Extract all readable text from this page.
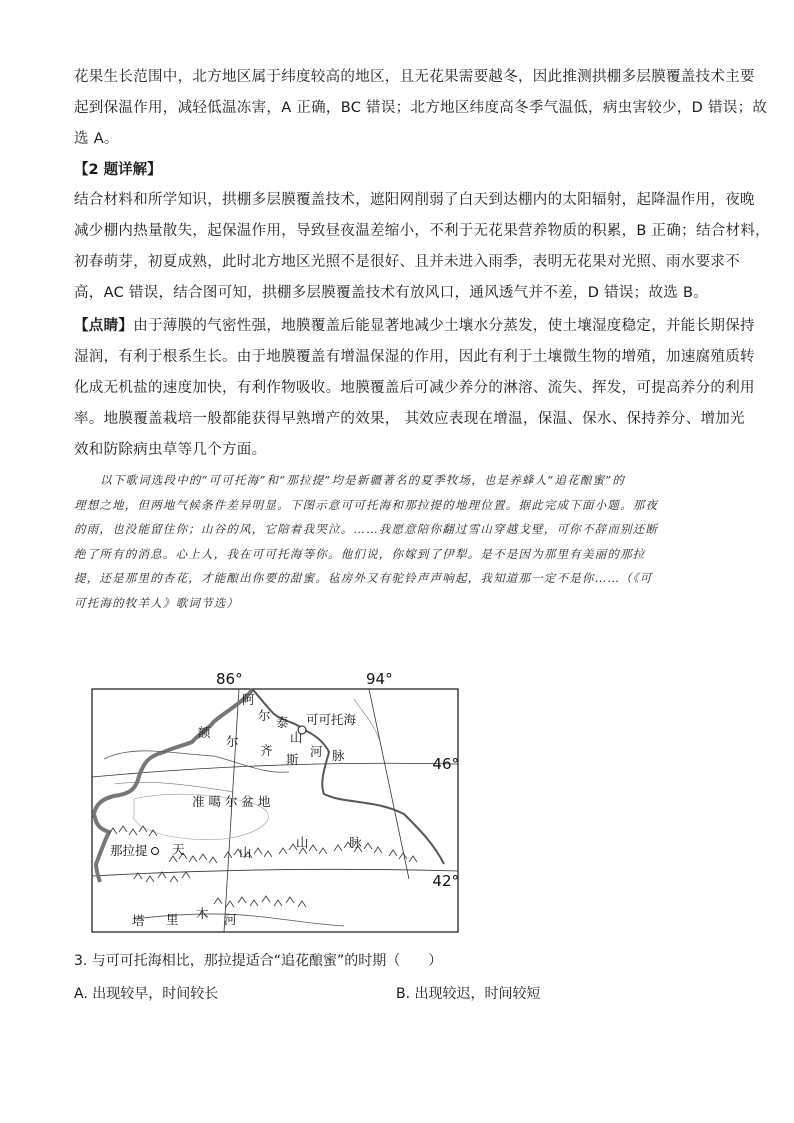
花果生长范围中，北方地区属于纬度较高的地区，且无花果需要越冬，因此推测拱棚多层膜覆盖技术主要
起到保温作用，减轻低温冻害，A 正确，BC 错误；北方地区纬度高冬季气温低，病虫害较少，D 错误；故
选 A。
【2 题详解】
结合材料和所学知识，拱棚多层膜覆盖技术，遮阳网削弱了白天到达棚内的太阳辐射，起降温作用，夜晚
减少棚内热量散失，起保温作用，导致昼夜温差缩小，不利于无花果营养物质的积累，B 正确；结合材料，
初春萌芽，初夏成熟，此时北方地区光照不是很好、且并未进入雨季，表明无花果对光照、雨水要求不
高，AC 错误，结合图可知，拱棚多层膜覆盖技术有放风口，通风透气并不差，D 错误；故选 B。
【点睛】由于薄膜的气密性强，地膜覆盖后能显著地减少土壤水分蒸发，使土壤湿度稳定，并能长期保持
湿润，有利于根系生长。由于地膜覆盖有增温保湿的作用，因此有利于土壤微生物的增殖，加速腐殖质转
化成无机盐的速度加快，有利作物吸收。地膜覆盖后可减少养分的淋溶、流失、挥发，可提高养分的利用
率。地膜覆盖栽培一般都能获得早熟增产的效果， 其效应表现在增温，保温、保水、保持养分、增加光
效和防除病虫草等几个方面。
以下歌词选段中的“可可托海”和“那拉提”均是新疆著名的夏季牧场，也是养蜂人“追花酿蜜”的
理想之地，但两地气候条件差异明显。下图示意可可托海和那拉提的地理位置。据此完成下面小题。那夜
的雨，也没能留住你；山谷的风，它陪着我哭泣。……我愿意陪你翻过雪山穿越戈壁，可你不辞而别还断
绝了所有的消息。心上人，我在可可托海等你。他们说，你嫁到了伊犁。是不是因为那里有美丽的那拉
提，还是那里的杏花，才能酿出你要的甜蜜。毡房外又有驼铃声声响起，我知道那一定不是你……（《可
可托海的牧羊人》歌词节选）
86°	94°
可可托海
那拉提
阿
尔 泰
山
脉
额
尔
齐
斯
河
准 噶 尔 盆 地
天	山
山	脉
塔 里 木 河
46°
42°
3. 与可可托海相比，那拉提适合“追花酿蜜”的时期（　　）
A. 出现较早，时间较长	B. 出现较迟，时间较短
